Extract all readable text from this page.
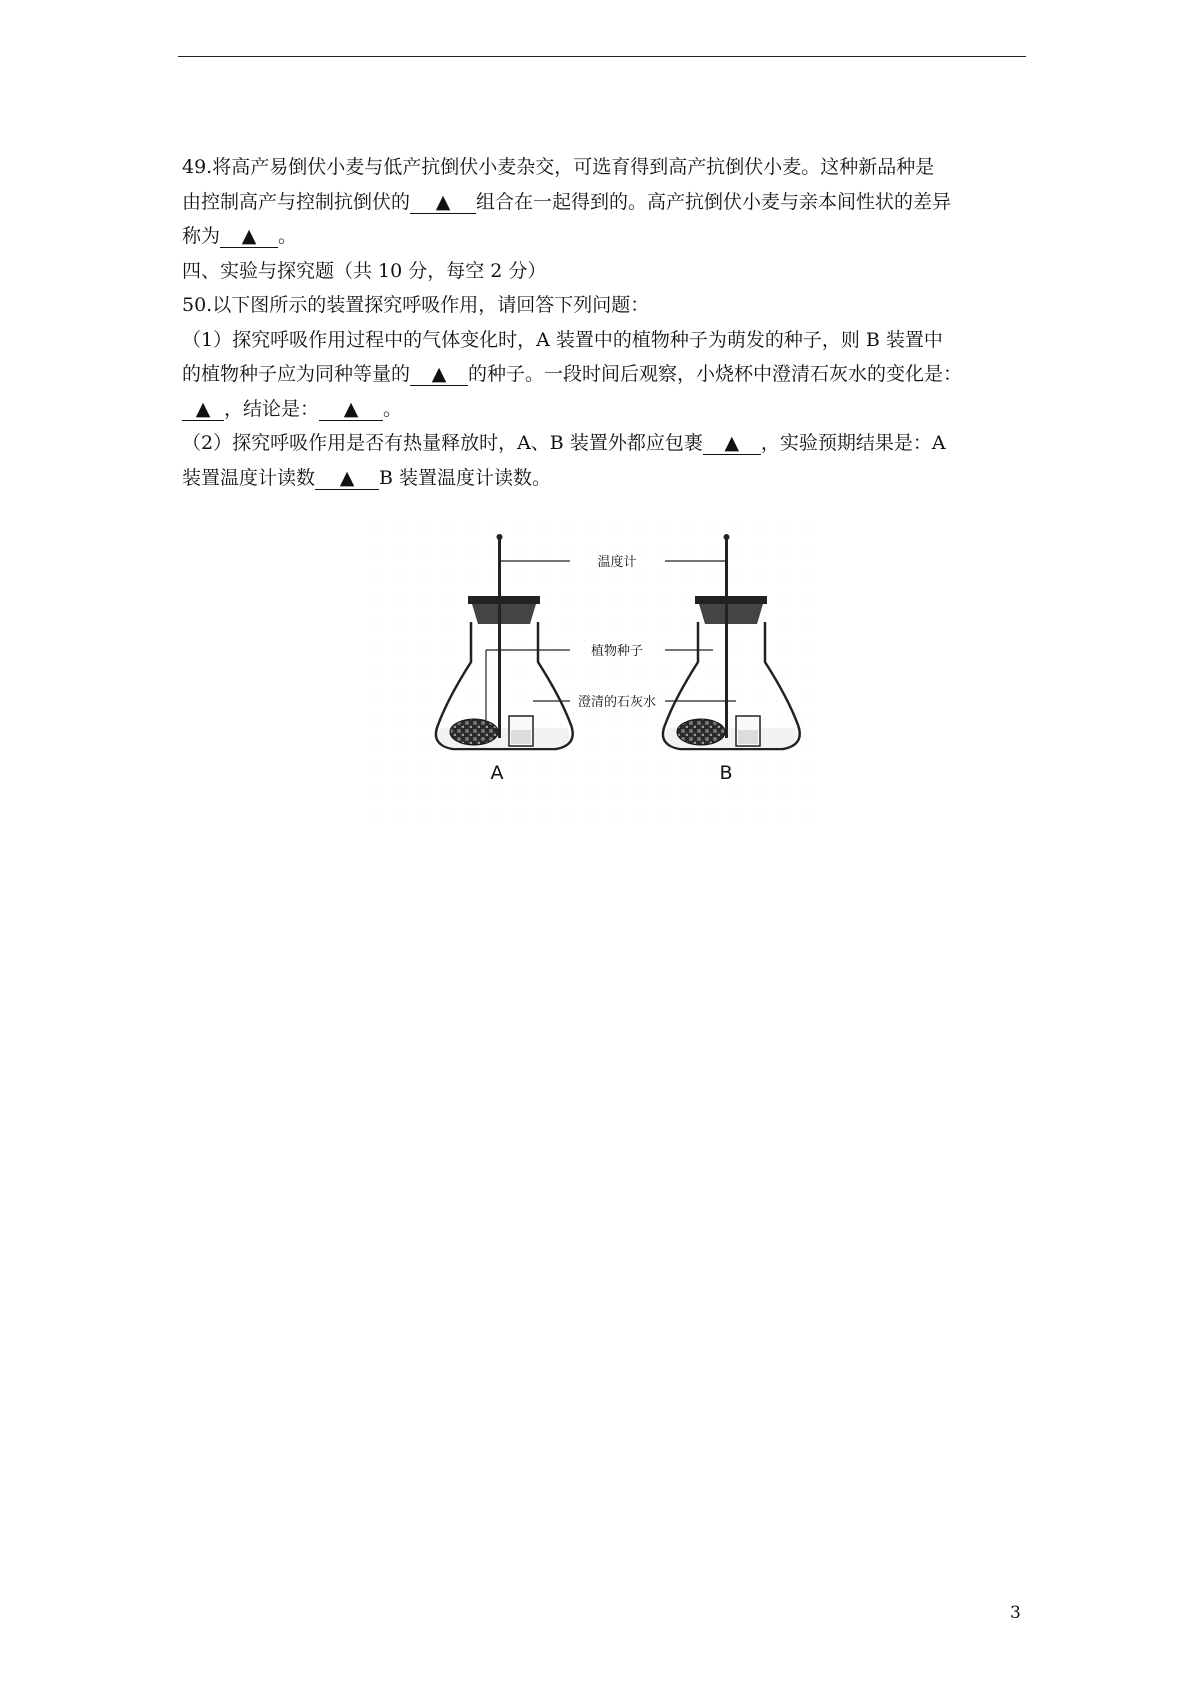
49.将高产易倒伏小麦与低产抗倒伏小麦杂交，可选育得到高产抗倒伏小麦。这种新品种是
由控制高产与控制抗倒伏的 ▲ 组合在一起得到的。高产抗倒伏小麦与亲本间性状的差异
称为 ▲ 。

四、实验与探究题（共 10 分，每空 2 分）

50.以下图所示的装置探究呼吸作用，请回答下列问题：

（1）探究呼吸作用过程中的气体变化时，A 装置中的植物种子为萌发的种子，则 B 装置中
的植物种子应为同种等量的 ▲ 的种子。一段时间后观察，小烧杯中澄清石灰水的变化是：
▲ ，结论是： ▲ 。

（2）探究呼吸作用是否有热量释放时，A、B 装置外都应包裹 ▲ ，实验预期结果是：A
装置温度计读数 ▲ B 装置温度计读数。

温度计
植物种子
澄清的石灰水
A	B
3
